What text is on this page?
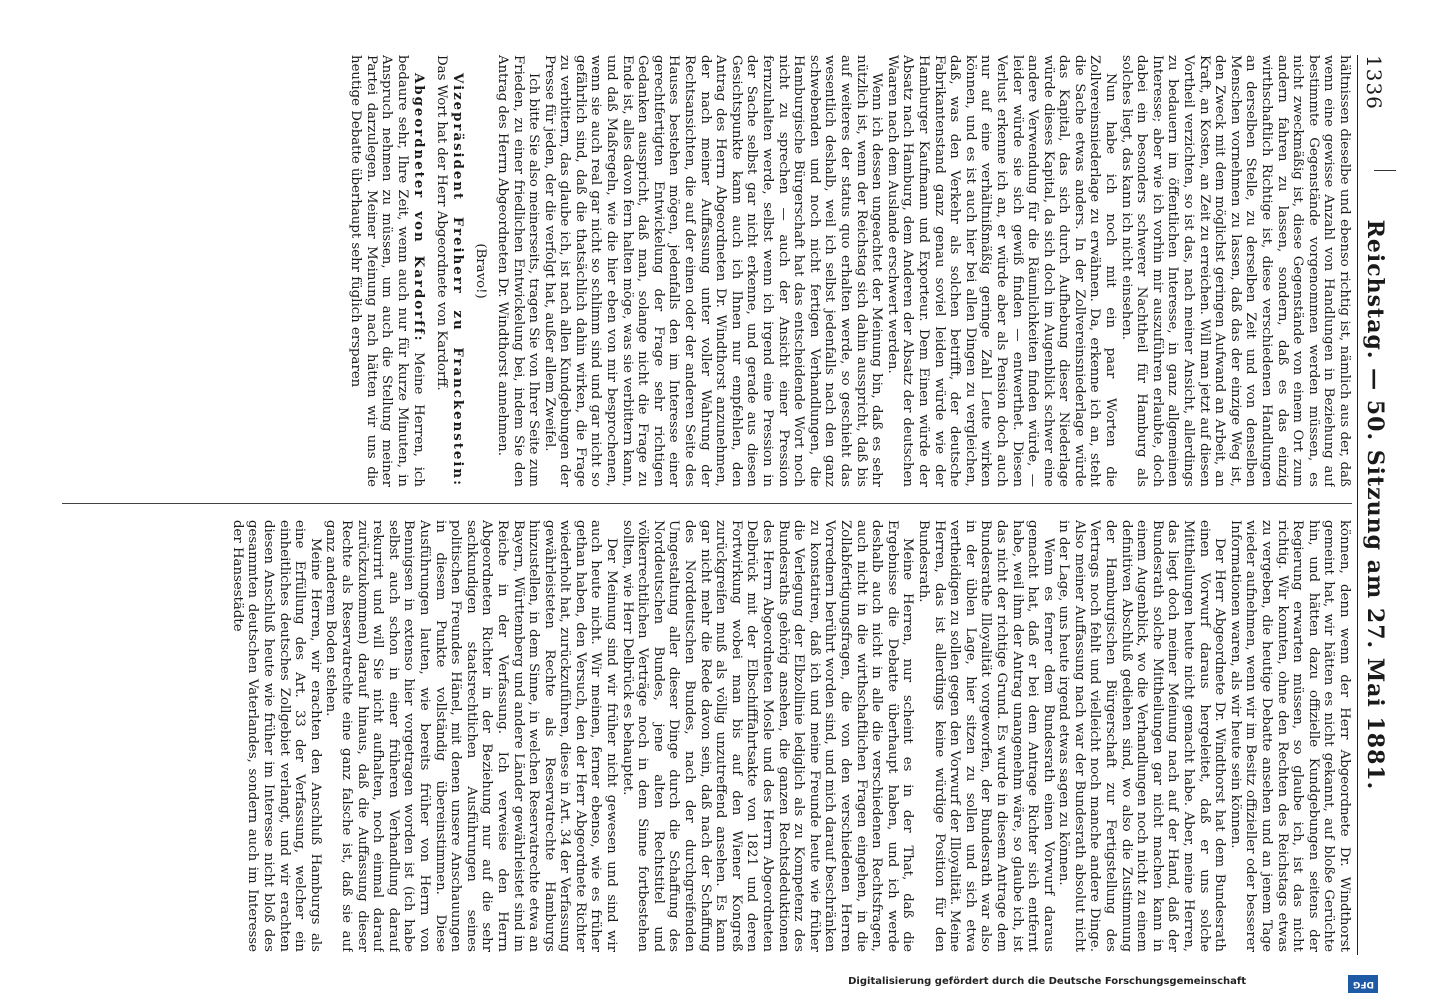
1336
Reichstag. — 50. Sitzung am 27. Mai 1881.

hältnissen dieselbe und ebenso richtig ist, nämlich aus der, daß wenn eine gewisse Anzahl von Handlungen in Beziehung auf bestimmte Gegenstände vorgenommen werden müssen, es nicht zweckmäßig ist, diese Gegenstände von einem Ort zum andern fahren zu lassen, sondern, daß es das einzig wirthschaftlich Richtige ist, diese verschiedenen Handlungen an derselben Stelle, zu derselben Zeit und von denselben Menschen vornehmen zu lassen, daß das der einzige Weg ist, den Zweck mit dem möglichst geringen Aufwand an Arbeit, an Kraft, an Kosten, an Zeit zu erreichen. Will man jetzt auf diesen Vortheil verzichten, so ist das, nach meiner Ansicht, allerdings zu bedauern im öffentlichen Interesse, in ganz allgemeinen Interesse; aber wie ich vorhin mir auszuführen erlaubte, doch dabei ein besonders schwerer Nachtheil für Hamburg als solches liegt, das kann ich nicht einsehen.

Nun habe ich noch mit ein paar Worten die Zollvereinsniederlage zu erwähnen. Da, erkenne ich an, steht die Sache etwas anders. In der Zollvereinsniederlage würde das Kapital, das sich durch Aufhebung dieser Niederlage würde dieses Kapital, da sich doch im Augenblick schwer eine andere Verwendung für die Räumlichkeiten finden würde, — leider würde sie sich gewiß finden — entwerthet. Diesen Verlust erkenne ich an, er würde aber als Pension doch auch nur auf eine verhältnißmäßig geringe Zahl Leute wirken können, und es ist auch hier bei allen Dingen zu vergleichen, daß, was den Verkehr als solchen betrifft, der deutsche Fabrikantenstand ganz genau soviel leiden würde wie der Hamburger Kaufmann und Exporteur. Dem Einen würde der Absatz nach Hamburg, dem Anderen der Absatz der deutschen Waaren nach dem Auslande erschwert werden.

Wenn ich dessen ungeachtet der Meinung bin, daß es sehr nützlich ist, wenn der Reichstag sich dahin ausspricht, daß bis auf weiteres der status quo erhalten werde, so geschieht das wesentlich deshalb, weil ich selbst jedenfalls nach den ganz schwebenden und noch nicht fertigen Verhandlungen, die Hamburgische Bürgerschaft hat das entscheidende Wort noch nicht zu sprechen — auch der Ansicht einer Pression fernzuhalten werde, selbst wenn ich irgend eine Pression in der Sache selbst gar nicht erkenne, und gerade aus diesen Gesichtspunkte kann auch ich Ihnen nur empfehlen, den Antrag des Herrn Abgeordneten Dr. Windthorst anzunehmen, der nach meiner Auffassung unter voller Wahrung der Rechtsansichten, die auf der einen oder der anderen Seite des Hauses bestehen mögen, jedenfalls den im Interesse einer gerechtfertigten Entwickelung der Frage sehr richtigen Gedanken ausspricht, daß man, solange nicht die Frage zu Ende ist, alles davon fern halten möge, was sie verbittern kann, und daß Maßregeln, wie die hier eben von mir besprochenen, wenn sie auch real gar nicht so schlimm sind und gar nicht so gefährlich sind, daß die thatsächlich dahin wirken, die Frage zu verbittern, das glaube ich, ist nach allen Kundgebungen der Presse für jeden, der die verfolgt hat, außer allem Zweifel.

Ich bitte Sie also meinerseits, tragen Sie von Ihrer Seite zum Frieden, zu einer friedlichen Entwickelung bei, indem Sie den Antrag des Herrn Abgeordneten Dr. Windthorst annehmen.

(Bravo!)

Vizepräsident Freiherr zu Franckenstein: Das Wort hat der Herr Abgeordnete von Kardorff.

Abgeordneter von Kardorff: Meine Herren, ich bedaure sehr, Ihre Zeit, wenn auch nur für kurze Minuten, in Anspruch nehmen zu müssen, um auch die Stellung meiner Partei darzulegen. Meiner Meinung nach hätten wir uns die heutige Debatte überhaupt sehr füglich ersparen

können, denn wenn der Herr Abgeordnete Dr. Windthorst gemeint hat, wir hätten es nicht gekannt, auf bloße Gerüchte hin, und hätten dazu offizielle Kundgebungen seitens der Regierung erwarten müssen, so glaube ich, ist das nicht richtig. Wir konnten, ohne den Rechten des Reichstags etwas zu vergeben, die heutige Debatte ansehen und an jenem Tage wieder aufnehmen, wenn wir im Besitz offizieller oder besserer Informationen waren, als wir heute sein können.

Der Herr Abgeordnete Dr. Windthorst hat dem Bundesrath einen Vorwurf daraus hergeleitet, daß er uns solche Mittheilungen heute nicht gemacht habe. Aber, meine Herren, das liegt doch meiner Meinung nach auf der Hand, daß der Bundesrath solche Mittheilungen gar nicht machen kann in einem Augenblick, wo die Verhandlungen noch nicht zu einem definitiven Abschluß gediehen sind, wo also die Zustimmung der Hamburgischen Bürgerschaft zur Fertigstellung des Vertrags noch fehlt und vielleicht noch manche andere Dinge. Also meiner Auffassung nach war der Bundesrath absolut nicht in der Lage, uns heute irgend etwas sagen zu können.

Wenn es ferner dem Bundesrath einen Vorwurf daraus gemacht hat, daß er bei dem Antrage Richter sich entfernt habe, weil ihm der Antrag unangenehm wäre, so glaube ich, ist das nicht der richtige Grund. Es wurde in diesem Antrage dem Bundesrathe Illoyalität vorgeworfen, der Bundesrath war also in der üblen Lage, hier sitzen zu sollen und sich etwa vertheidigen zu sollen gegen den Vorwurf der Illoyalität. Meine Herren, das ist allerdings keine würdige Position für den Bundesrath.

Meine Herren, nur scheint es in der That, daß die Ergebnisse die Debatte überhaupt haben, und ich werde deshalb auch nicht in alle die verschiedenen Rechtsfragen, auch nicht in die wirthschaftlichen Fragen eingehen, in die Zollabfertigungsfragen, die von den verschiedenen Herren Vorrednern berührt worden sind, und mich darauf beschränken zu konstatiren, daß ich und meine Freunde heute wie früher die Verlegung der Elbzollinie lediglich als zu Kompetenz des Bundesraths gehörig ansehen, die ganzen Rechtsdeduktionen des Herrn Abgeordneten Mosle und des Herrn Abgeordneten Delbrück mit der Elbschifffahrtsakte von 1821 und deren Fortwirkung wobei man bis auf den Wiener Kongreß zurückgreifen muß als völlig unzutreffend ansehen. Es kann gar nicht mehr die Rede davon sein, daß nach der Schaffung des Norddeutschen Bundes, nach der durchgreifenden Umgestaltung aller dieser Dinge durch die Schaffung des Norddeutschen Bundes, jene alten Rechtstitel und völkerrechtlichen Verträge noch in dem Sinne fortbestehen sollten, wie Herr Delbrück es behauptet.

Der Meinung sind wir früher nicht gewesen und sind wir auch heute nicht. Wir meinen, ferner ebenso, wie es früher gethan haben, den Versuch, den der Herr Abgeordnete Richter wiederholt hat, zurückzuführen, diese in Art. 34 der Verfassung gewährleisteten Rechte als Reservatrechte Hamburgs hinzustellen, in dem Sinne, in welchen Reservatrechte etwa an Bayern, Württemberg und andere Länder gewährleistet sind im Reiche in der Verfassung. Ich verweise den Herrn Abgeordneten Richter in der Beziehung nur auf die sehr sachkundigen staatsrechtlichen Ausführungen seines politischen Freundes Hänel, mit denen unsere Anschauungen in diesem Punkte vollständig übereinstimmen. Diese Ausführungen lauten, wie bereits früher von Herrn von Bennigsen in extenso hier vorgetragen worden ist (ich habe selbst auch schon in einer früheren Verhandlung darauf rekurrirt und will Sie nicht aufhalten, noch einmal darauf zurückzukommen) darauf hinaus, daß die Auffassung dieser Rechte als Reservatrechte eine ganz falsche ist, daß sie auf ganz anderem Boden stehen.

Meine Herren, wir erachten den Anschluß Hamburgs als eine Erfüllung des Art. 33 der Verfassung, welcher ein einheitliches deutsches Zollgebiet verlangt, und wir erachten diesen Anschluß heute wie früher im Interesse nicht bloß des gesammten deutschen Vaterlandes, sondern auch im Interesse der Hansestädte

DFG
Digitalisierung gefördert durch die Deutsche Forschungsgemeinschaft
